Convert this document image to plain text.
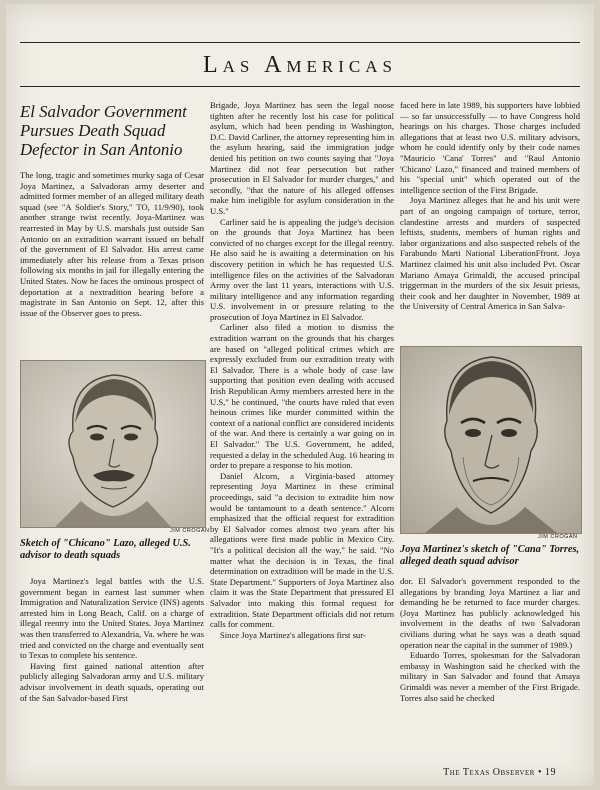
Las Americas
El Salvador Government Pursues Death Squad Defector in San Antonio

The long, tragic and sometimes murky saga of Cesar Joya Martinez, a Salvadoran army deserter and admitted former member of an alleged military death squad (see "A Soldier's Story," TO, 11/9/90), took another strange twist recently. Joya-Martinez was rearrested in May by U.S. marshals just outside San Antonio on an extradition warrant issued on behalf of the government of El Salvador. His arrest came immediately after his release from a Texas prison following six months in jail for illegally entering the United States. Now he faces the ominous prospect of deportation at a nextradition hearing before a magistrate in San Antonio on Sept. 12, after this issue of the Observer goes to press.

JIM CROGAN

Sketch of "Chicano" Lazo, alleged U.S. advisor to death squads

Joya Martinez's legal battles with the U.S. government began in earnest last summer when Immigration and Naturalization Service (INS) agents arrested him in Long Beach, Calif. on a charge of illegal reentry into the United States. Joya Martinez was then transferred to Alexandria, Va. where he was tried and convicted on the charge and eventually sent to Texas to complete his sentence.

Having first gained national attention after publicly alleging Salvadoran army and U.S. military advisor involvement in death squads, operating out of the San Salvador-based First

Brigade, Joya Martinez has seen the legal noose tighten after he recently lost his case for political asylum, which had been pending in Washington, D.C. David Carliner, the attorney representing him in the asylum hearing, said the immigration judge denied his petition on two counts saying that "Joya Martinez did not fear persecution but rather prosecution in El Salvador for murder charges," and secondly, "that the nature of his alleged offenses make him ineligible for asylum consideration in the U.S."

Carliner said he is appealing the judge's decision on the grounds that Joya Martinez has been convicted of no charges except for the illegal reentry. He also said he is awaiting a determination on his discovery petition in which he has requested U.S. intelligence files on the activities of the Salvadoran Army over the last 11 years, interactions with U.S. military intelligence and any information regarding U.S. involvement in or pressure relating to the prosecution of Joya Martinez in El Salvador.

Carliner also filed a motion to dismiss the extradition warrant on the grounds that his charges are based on "alleged political crimes which are expressly excluded from our extradition treaty with El Salvador. There is a whole body of case law supporting that position even dealing with accused Irish Republican Army members arrested here in the U.S," he continued, "the courts have ruled that even heinous crimes like murder committed within the context of a national conflict are considered incidents of the war. And there is certainly a war going on in El Salvador." The U.S. Government, he added, requested a delay in the scheduled Aug. 16 hearing in order to prepare a response to his motion.

Daniel Alcorn, a Virginia-based attorney representing Joya Martinez in these criminal proceedings, said "a decision to extradite him now would be tantamount to a death sentence." Alcorn emphasized that the official request for extradition by El Salvador comes almost two years after his allegations were first made public in Mexico City. "It's a political decision all the way," he said. "No matter what the decision is in Texas, the final determination on extradition will be made in the U.S. State Department." Supporters of Joya Martinez also claim it was the State Department that pressured El Salvador into making this formal request for extradition. State Department officials did not return calls for comment.

Since Joya Martinez's allegations first sur-

faced here in late 1989, his supporters have lobbied — so far unsuccessfully — to have Congress hold hearings on his charges. Those charges included allegations that at least two U.S. military advisors, whom he could identify only by their code names "Mauricio 'Cana' Torres" and "Raul Antonio 'Chicano' Lazo," financed and trained members of his "special unit" which operated out of the intelligence section of the First Brigade.

Joya Martinez alleges that he and his unit were part of an ongoing campaign of torture, terror, clandestine arrests and murders of suspected leftists, students, members of human rights and labor organizations and also suspected rebels of the Farabundo Marti National LiberationFfront. Joya Martinez claimed his unit also included Pvt. Oscar Mariano Amaya Grimaldi, the accused principal triggerman in the murders of the six Jesuit priests, their cook and her daughter in November, 1989 at the University of Central America in San Salva-

JIM CROGAN

Joya Martinez's sketch of "Cana" Torres, alleged death squad advisor

dor. El Salvador's government responded to the allegations by branding Joya Martinez a liar and demanding he be returned to face murder charges. (Joya Martinez has publicly acknowledged his involvement in the deaths of two Salvadoran civilians during what he says was a death squad operation near the capital in the summer of 1989.)

Eduardo Torres, spokesman for the Salvadoran embassy in Washington said he checked with the military in San Salvador and found that Amaya Grimaldi was never a member of the First Brigade. Torres also said he checked

The Texas Observer • 19
